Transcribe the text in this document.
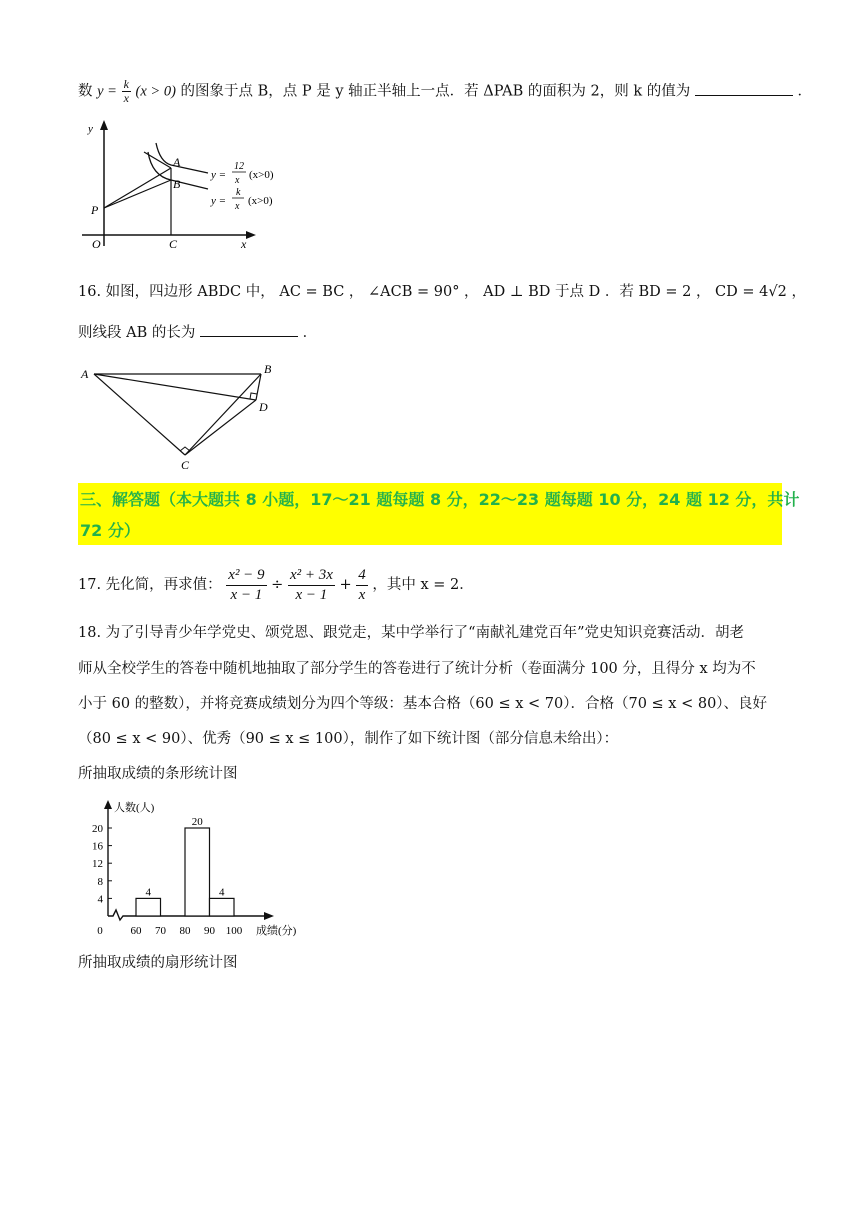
数 $y = \frac{k}{x} (x > 0)$ 的图象于点 B，点 P 是 y 轴正半轴上一点．若 ΔPAB 的面积为 2，则 k 的值为	．
y
x
O
A
B
P
C
y =
12
x (x>0)
y =
k
x (x>0)
16. 如图，四边形 ABDC 中， AC = BC ， ∠ACB = 90° ， AD ⊥ BD 于点 D ．若 BD = 2 ， CD = 4√2 ，
则线段 AB 的长为	．
A	B
C
D
三、解答题（本大题共 8 小题，17～21 题每题 8 分，22～23 题每题 10 分，24 题 12 分，共计
72 分）
17. 先化简，再求值： $\frac{\text{x² − 9}}{x - 1} \div \frac{\text{x² + 3x}}{x - 1} + \frac{4}{x}$ ，其中 x = 2．
18. 为了引导青少年学党史、颂党恩、跟党走，某中学举行了“南献礼建党百年”党史知识竞赛活动．胡老
师从全校学生的答卷中随机地抽取了部分学生的答卷进行了统计分析（卷面满分 100 分，且得分 x 均为不
小于 60 的整数），并将竞赛成绩划分为四个等级：基本合格（60 ≤ x < 70）．合格（70 ≤ x < 80）、良好
（80 ≤ x < 90）、优秀（90 ≤ x ≤ 100），制作了如下统计图（部分信息未给出）：
所抽取成绩的条形统计图
人数(人)
成绩(分)
4
8
12
16
20
0	60 70 80 90 100
4
20
4
所抽取成绩的扇形统计图
